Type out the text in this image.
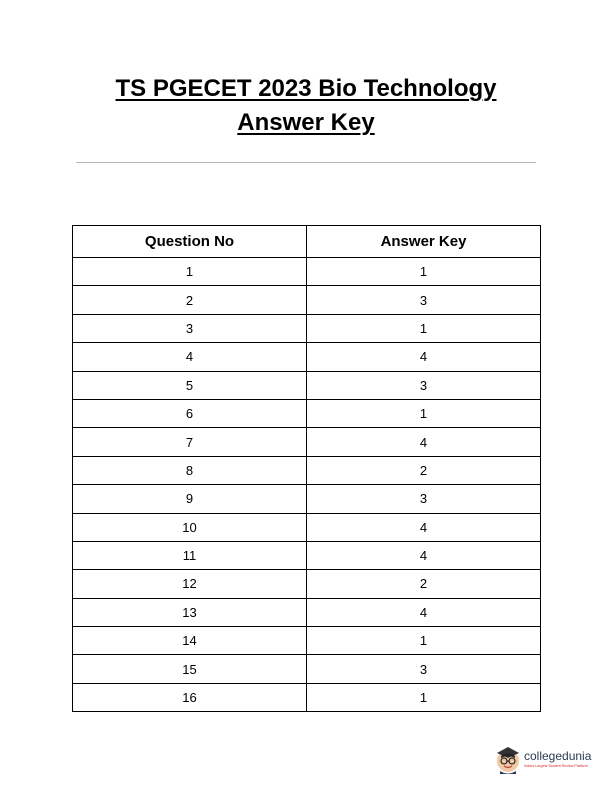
TS PGECET 2023 Bio Technology
Answer Key
Question No	Answer Key
1	1
2	3
3	1
4	4
5	3
6	1
7	4
8	2
9	3
10	4
11	4
12	2
13	4
14	1
15	3
16	1
collegedunia
India's Largest Student Review Platform
